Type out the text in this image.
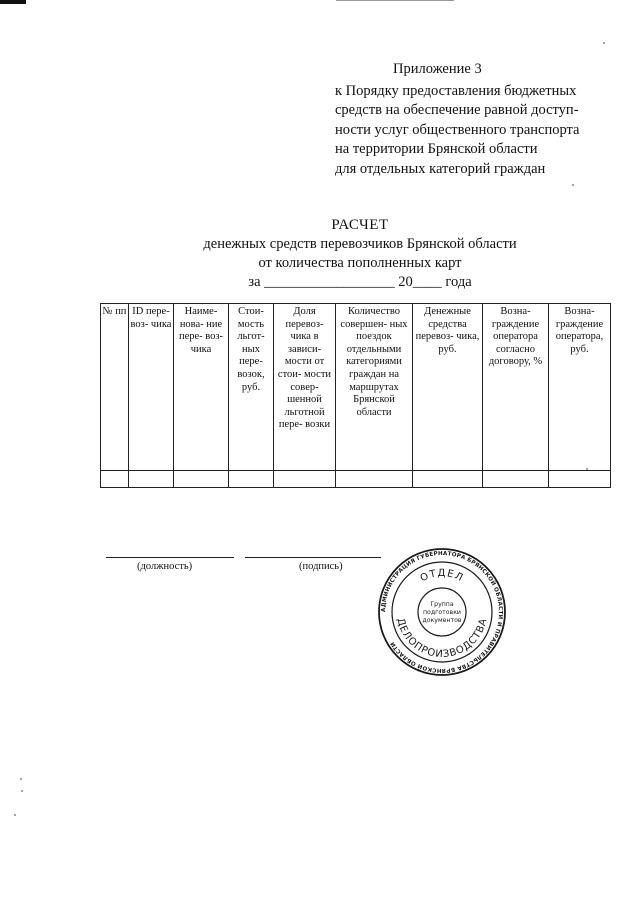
Приложение 3
к Порядку предоставления бюджетных
средств на обеспечение равной доступ-
ности услуг общественного транспорта
на территории Брянской области
для отдельных категорий граждан
РАСЧЕТ
денежных средств перевозчиков Брянской области
от количества пополненных карт
за __________________ 20____ года
№ пп	ID пере- воз- чика	Наиме- нова- ние пере- воз- чика	Стои- мость льгот- ных пере- возок, руб.	Доля перевоз- чика в зависи- мости от стои- мости совер- шенной льготной пере- возки	Количество совершен- ных поездок отдельными категориями граждан на маршрутах Брянской области	Денежные средства перевоз- чика, руб.	Возна- граждение оператора согласно договору, %	Возна- граждение оператора, руб.

(должность)	(подпись)
АДМИНИСТРАЦИЯ ГУБЕРНАТОРА БРЯНСКОЙ ОБЛАСТИ И ПРАВИТЕЛЬСТВА БРЯНСКОЙ ОБЛАСТИ
ОТДЕЛ
ДЕЛОПРОИЗВОДСТВА
Группа
подготовки
документов
